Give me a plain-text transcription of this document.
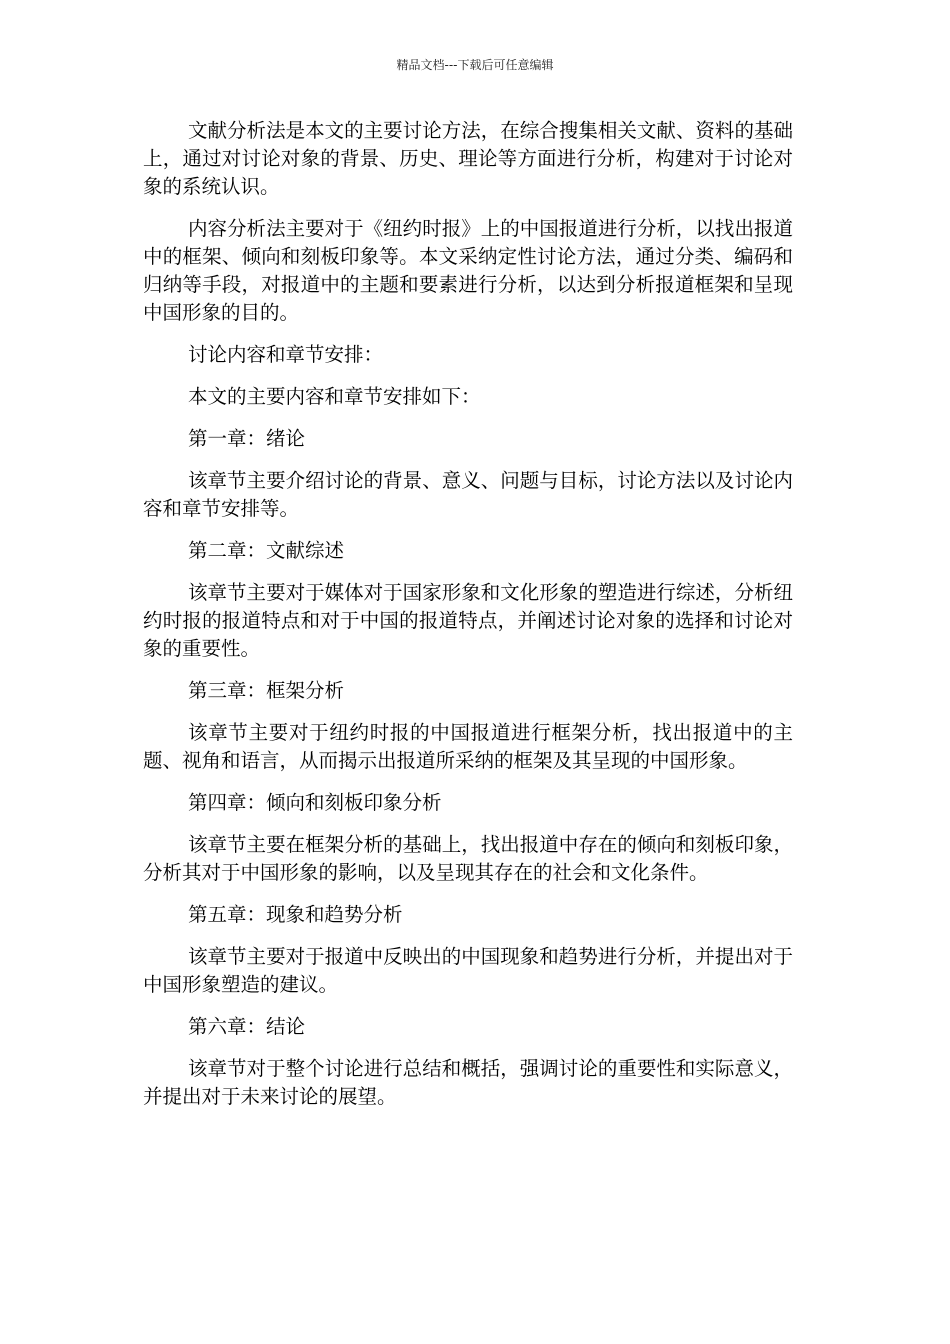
精品文档---下载后可任意编辑

文献分析法是本文的主要讨论方法，在综合搜集相关文献、资料的基础上，通过对讨论对象的背景、历史、理论等方面进行分析，构建对于讨论对象的系统认识。

内容分析法主要对于《纽约时报》上的中国报道进行分析，以找出报道中的框架、倾向和刻板印象等。本文采纳定性讨论方法，通过分类、编码和归纳等手段，对报道中的主题和要素进行分析，以达到分析报道框架和呈现中国形象的目的。

讨论内容和章节安排：

本文的主要内容和章节安排如下：

第一章：绪论

该章节主要介绍讨论的背景、意义、问题与目标，讨论方法以及讨论内容和章节安排等。

第二章：文献综述

该章节主要对于媒体对于国家形象和文化形象的塑造进行综述，分析纽约时报的报道特点和对于中国的报道特点，并阐述讨论对象的选择和讨论对象的重要性。

第三章：框架分析

该章节主要对于纽约时报的中国报道进行框架分析，找出报道中的主题、视角和语言，从而揭示出报道所采纳的框架及其呈现的中国形象。

第四章：倾向和刻板印象分析

该章节主要在框架分析的基础上，找出报道中存在的倾向和刻板印象，分析其对于中国形象的影响，以及呈现其存在的社会和文化条件。

第五章：现象和趋势分析

该章节主要对于报道中反映出的中国现象和趋势进行分析，并提出对于中国形象塑造的建议。

第六章：结论

该章节对于整个讨论进行总结和概括，强调讨论的重要性和实际意义，并提出对于未来讨论的展望。
